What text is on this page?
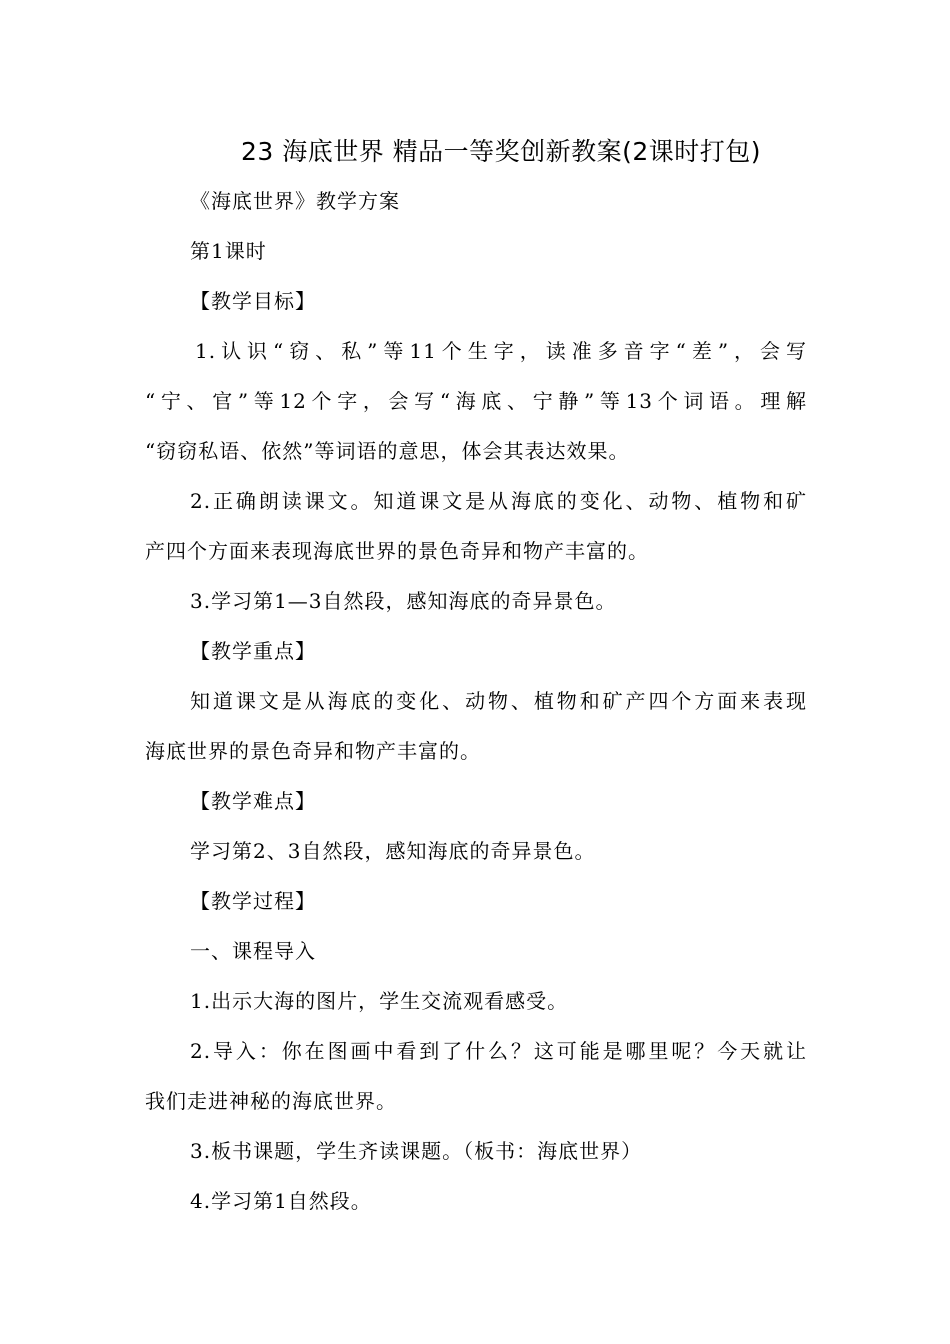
23 海底世界 精品一等奖创新教案(2课时打包)
《海底世界》教学方案
第1课时
【教学目标】
1.认识“窃、私”等11个生字，读准多音字“差”，会写
“宁、官”等12个字，会写“海底、宁静”等13个词语。理解
“窃窃私语、依然”等词语的意思，体会其表达效果。
2.正确朗读课文。知道课文是从海底的变化、动物、植物和矿
产四个方面来表现海底世界的景色奇异和物产丰富的。
3.学习第1—3自然段，感知海底的奇异景色。
【教学重点】
知道课文是从海底的变化、动物、植物和矿产四个方面来表现
海底世界的景色奇异和物产丰富的。
【教学难点】
学习第2、3自然段，感知海底的奇异景色。
【教学过程】
一、课程导入
1.出示大海的图片，学生交流观看感受。
2.导入：你在图画中看到了什么？这可能是哪里呢？今天就让
我们走进神秘的海底世界。
3.板书课题，学生齐读课题。（板书：海底世界）
4.学习第1自然段。
